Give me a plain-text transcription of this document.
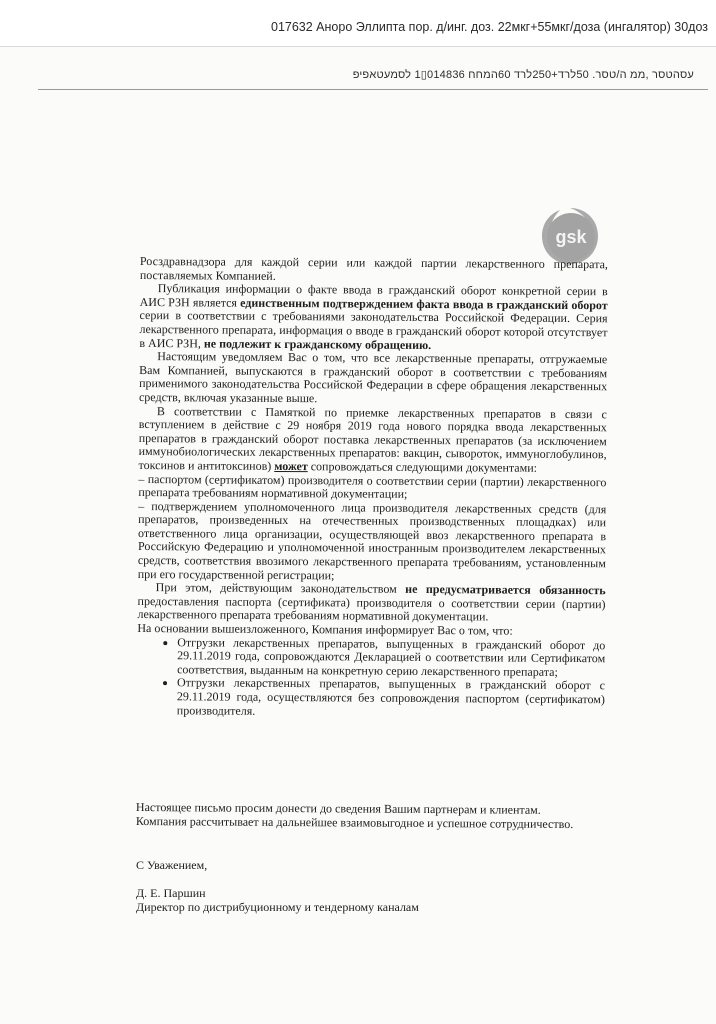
017632 Анорo Эллипта пор. д/инг. доз. 22мкг+55мкг/доза (ингалятор) 30доз
עסהטסר ,ממ ה/טסר. 50לרד+250לרד 60המחח 014836▯1 לסמעטאפיפ
gsk

Росздравнадзора для каждой серии или каждой партии лекарственного препарата, поставляемых Компанией.

Публикация информации о факте ввода в гражданский оборот конкретной серии в АИС РЗН является единственным подтверждением факта ввода в гражданский оборот серии в соответствии с требованиями законодательства Российской Федерации. Серия лекарственного препарата, информация о вводе в гражданский оборот которой отсутствует в АИС РЗН, не подлежит к гражданскому обращению.

Настоящим уведомляем Вас о том, что все лекарственные препараты, отгружаемые Вам Компанией, выпускаются в гражданский оборот в соответствии с требованиям применимого законодательства Российской Федерации в сфере обращения лекарственных средств, включая указанные выше.

В соответствии с Памяткой по приемке лекарственных препаратов в связи с вступлением в действие с 29 ноября 2019 года нового порядка ввода лекарственных препаратов в гражданский оборот поставка лекарственных препаратов (за исключением иммунобиологических лекарственных препаратов: вакцин, сывороток, иммуноглобулинов, токсинов и антитоксинов) может сопровождаться следующими документами:

– паспортом (сертификатом) производителя о соответствии серии (партии) лекарственного препарата требованиям нормативной документации;

– подтверждением уполномоченного лица производителя лекарственных средств (для препаратов, произведенных на отечественных производственных площадках) или ответственного лица организации, осуществляющей ввоз лекарственного препарата в Российскую Федерацию и уполномоченной иностранным производителем лекарственных средств, соответствия ввозимого лекарственного препарата требованиям, установленным при его государственной регистрации;

При этом, действующим законодательством не предусматривается обязанность предоставления паспорта (сертификата) производителя о соответствии серии (партии) лекарственного препарата требованиям нормативной документации.

На основании вышеизложенного, Компания информирует Вас о том, что:

• Отгрузки лекарственных препаратов, выпущенных в гражданский оборот до 29.11.2019 года, сопровождаются Декларацией о соответствии или Сертификатом соответствия, выданным на конкретную серию лекарственного препарата;
• Отгрузки лекарственных препаратов, выпущенных в гражданский оборот с 29.11.2019 года, осуществляются без сопровождения паспортом (сертификатом) производителя.

Настоящее письмо просим донести до сведения Вашим партнерам и клиентам.

Компания рассчитывает на дальнейшее взаимовыгодное и успешное сотрудничество.

С Уважением,
Д. Е. Паршин
Директор по дистрибуционному и тендерному каналам
